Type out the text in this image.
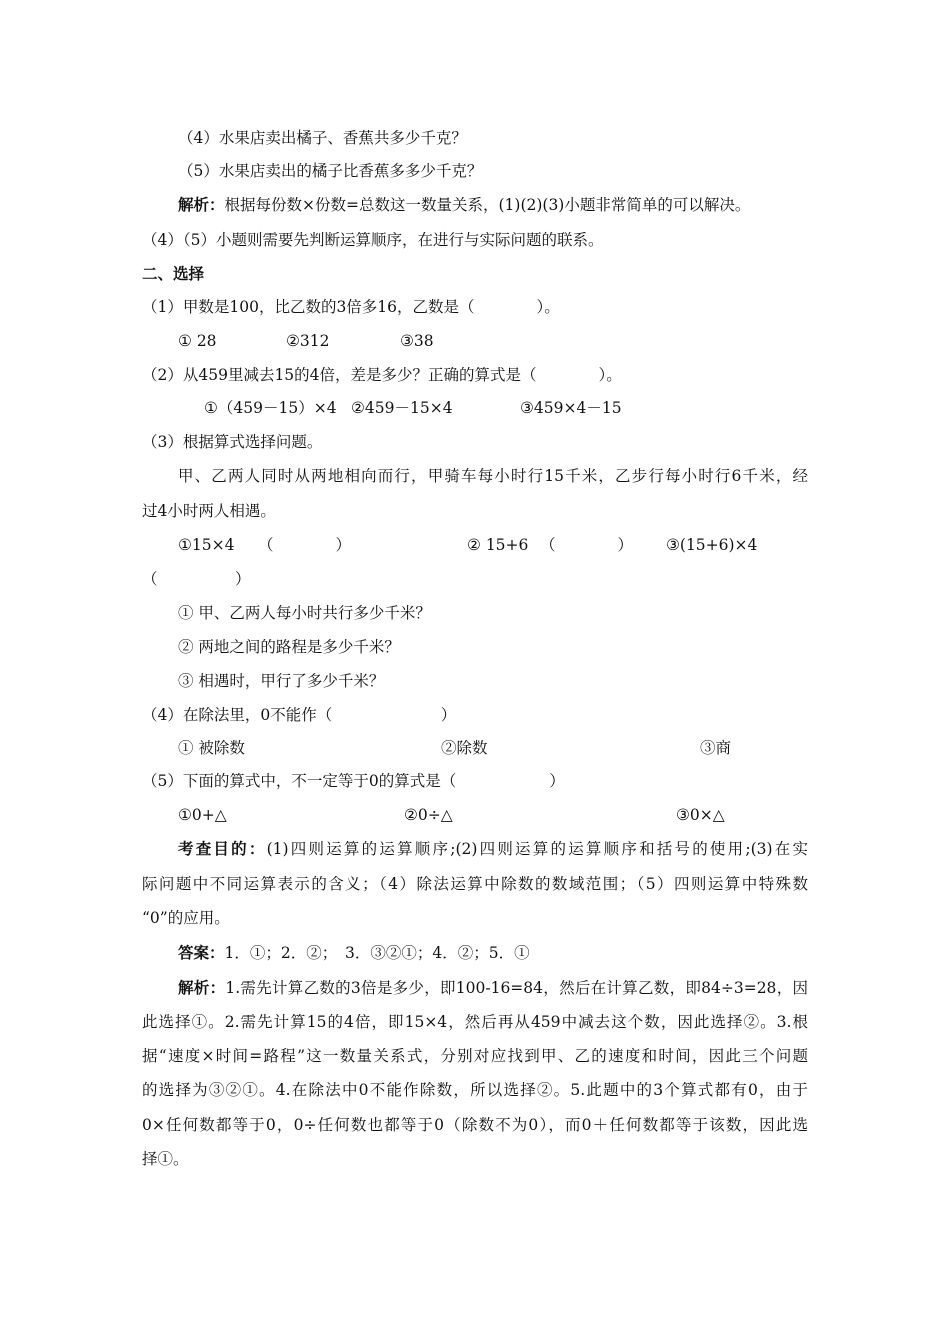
（4）水果店卖出橘子、香蕉共多少千克？
（5）水果店卖出的橘子比香蕉多多少千克？
解析：根据每份数×份数=总数这一数量关系，(1)(2)(3)小题非常简单的可以解决。
（4）（5）小题则需要先判断运算顺序，在进行与实际问题的联系。
二、选择
（1）甲数是100，比乙数的3倍多16，乙数是（　　　　）。
① 28	②312	③38
（2）从459里减去15的4倍，差是多少？正确的算式是（　　　　）。
①（459－15）×4 ②459－15×4	③459×4－15
（3）根据算式选择问题。
甲、乙两人同时从两地相向而行，甲骑车每小时行15千米，乙步行每小时行6千米，经
过4小时两人相遇。
①15×4 （　　　　）	② 15+6 （　　　　） ③(15+6)×4
（　　　　　）
① 甲、乙两人每小时共行多少千米？
② 两地之间的路程是多少千米？
③ 相遇时，甲行了多少千米？
（4）在除法里，0不能作（　　　　　　　）
① 被除数	②除数	③商
（5）下面的算式中，不一定等于0的算式是（　　　　　　）
①0+△	②0÷△	③0×△
考查目的：(1)四则运算的运算顺序;(2)四则运算的运算顺序和括号的使用;(3)在实
际问题中不同运算表示的含义；（4）除法运算中除数的数域范围；（5）四则运算中特殊数
“0”的应用。
答案：1．①；2．②；　3．③②①；4．②；5．①
解析：1.需先计算乙数的3倍是多少，即100-16=84，然后在计算乙数，即84÷3=28，因
此选择①。2.需先计算15的4倍，即15×4，然后再从459中减去这个数，因此选择②。3.根
据“速度×时间=路程”这一数量关系式，分别对应找到甲、乙的速度和时间，因此三个问题
的选择为③②①。4.在除法中0不能作除数，所以选择②。5.此题中的3个算式都有0，由于
0×任何数都等于0，0÷任何数也都等于0（除数不为0），而0＋任何数都等于该数，因此选
择①。
